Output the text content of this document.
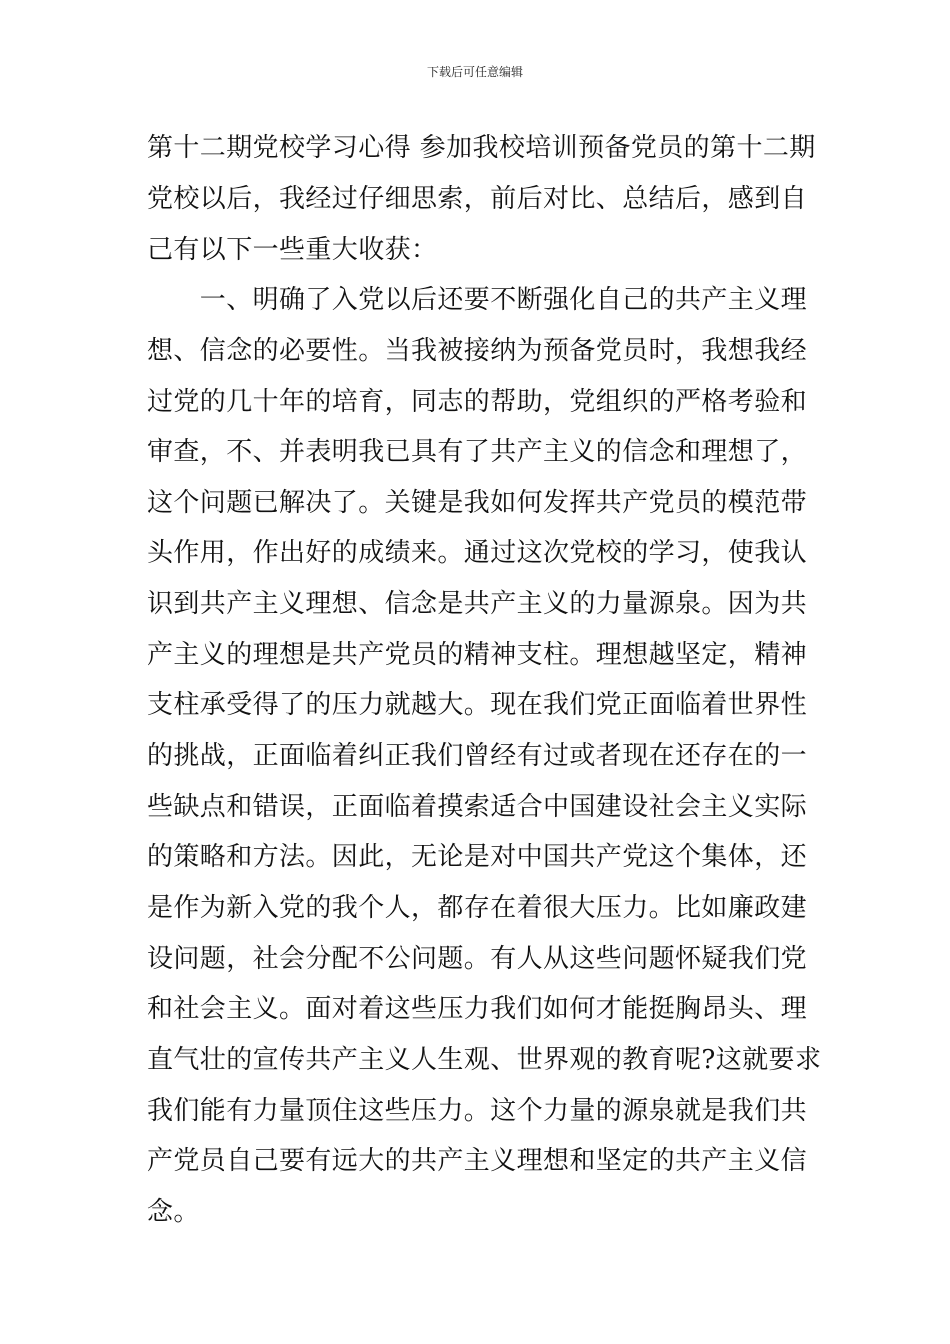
下载后可任意编辑
第十二期党校学习心得 参加我校培训预备党员的第十二期
党校以后，我经过仔细思索，前后对比、总结后，感到自
己有以下一些重大收获：
　　一、明确了入党以后还要不断强化自己的共产主义理
想、信念的必要性。当我被接纳为预备党员时，我想我经
过党的几十年的培育，同志的帮助，党组织的严格考验和
审查，不、并表明我已具有了共产主义的信念和理想了，
这个问题已解决了。关键是我如何发挥共产党员的模范带
头作用，作出好的成绩来。通过这次党校的学习，使我认
识到共产主义理想、信念是共产主义的力量源泉。因为共
产主义的理想是共产党员的精神支柱。理想越坚定，精神
支柱承受得了的压力就越大。现在我们党正面临着世界性
的挑战，正面临着纠正我们曾经有过或者现在还存在的一
些缺点和错误，正面临着摸索适合中国建设社会主义实际
的策略和方法。因此，无论是对中国共产党这个集体，还
是作为新入党的我个人，都存在着很大压力。比如廉政建
设问题，社会分配不公问题。有人从这些问题怀疑我们党
和社会主义。面对着这些压力我们如何才能挺胸昂头、理
直气壮的宣传共产主义人生观、世界观的教育呢?这就要求
我们能有力量顶住这些压力。这个力量的源泉就是我们共
产党员自己要有远大的共产主义理想和坚定的共产主义信
念。
